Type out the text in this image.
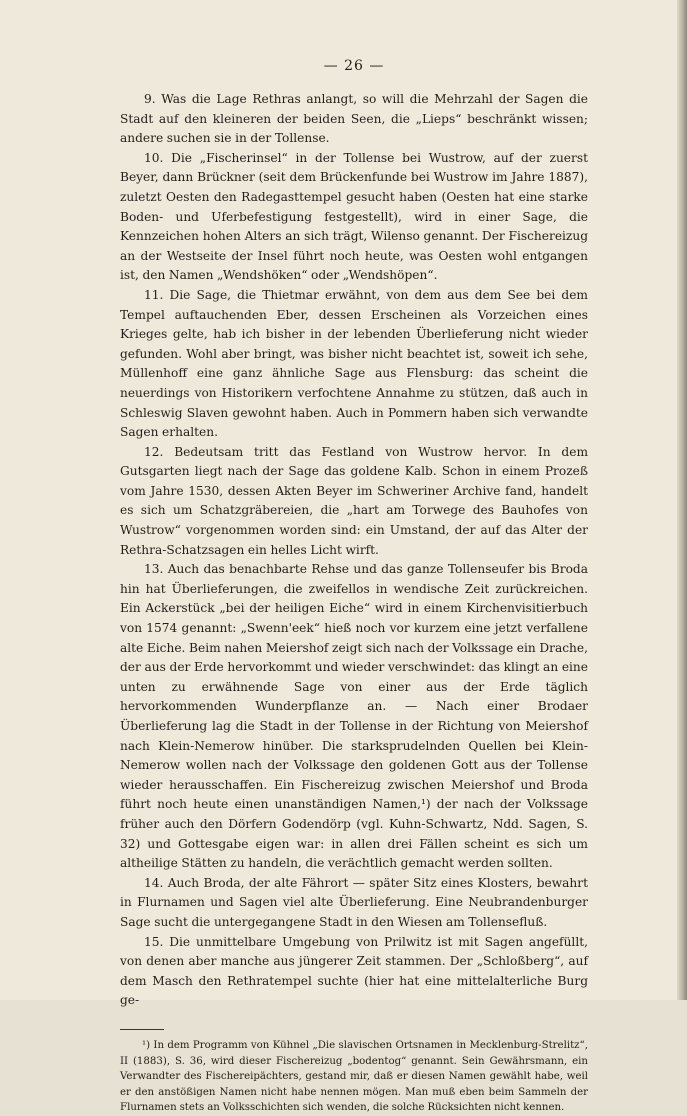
— 26 —

9. Was die Lage Rethras anlangt, so will die Mehrzahl der Sagen die Stadt auf den kleineren der beiden Seen, die „Lieps“ beschränkt wissen; andere suchen sie in der Tollense.

10. Die „Fischerinsel“ in der Tollense bei Wustrow, auf der zuerst Beyer, dann Brückner (seit dem Brückenfunde bei Wustrow im Jahre 1887), zuletzt Oesten den Radegasttempel gesucht haben (Oesten hat eine starke Boden- und Uferbefestigung festgestellt), wird in einer Sage, die Kennzeichen hohen Alters an sich trägt, Wilenso genannt. Der Fischereizug an der Westseite der Insel führt noch heute, was Oesten wohl entgangen ist, den Namen „Wendshöken“ oder „Wendshöpen“.

11. Die Sage, die Thietmar erwähnt, von dem aus dem See bei dem Tempel auftauchenden Eber, dessen Erscheinen als Vorzeichen eines Krieges gelte, hab ich bisher in der lebenden Überlieferung nicht wieder gefunden. Wohl aber bringt, was bisher nicht beachtet ist, soweit ich sehe, Müllenhoff eine ganz ähnliche Sage aus Flensburg: das scheint die neuerdings von Historikern verfochtene Annahme zu stützen, daß auch in Schleswig Slaven gewohnt haben. Auch in Pommern haben sich verwandte Sagen erhalten.

12. Bedeutsam tritt das Festland von Wustrow hervor. In dem Gutsgarten liegt nach der Sage das goldene Kalb. Schon in einem Prozeß vom Jahre 1530, dessen Akten Beyer im Schweriner Archive fand, handelt es sich um Schatzgräbereien, die „hart am Torwege des Bauhofes von Wustrow“ vorgenommen worden sind: ein Umstand, der auf das Alter der Rethra-Schatzsagen ein helles Licht wirft.

13. Auch das benachbarte Rehse und das ganze Tollenseufer bis Broda hin hat Überlieferungen, die zweifellos in wendische Zeit zurückreichen. Ein Ackerstück „bei der heiligen Eiche“ wird in einem Kirchenvisitierbuch von 1574 genannt: „Swenn'eek“ hieß noch vor kurzem eine jetzt verfallene alte Eiche. Beim nahen Meiershof zeigt sich nach der Volkssage ein Drache, der aus der Erde hervorkommt und wieder verschwindet: das klingt an eine unten zu erwähnende Sage von einer aus der Erde täglich hervorkommenden Wunderpflanze an. — Nach einer Brodaer Überlieferung lag die Stadt in der Tollense in der Richtung von Meiershof nach Klein-Nemerow hinüber. Die starksprudelnden Quellen bei Klein-Nemerow wollen nach der Volkssage den goldenen Gott aus der Tollense wieder herausschaffen. Ein Fischereizug zwischen Meiershof und Broda führt noch heute einen unanständigen Namen,¹) der nach der Volkssage früher auch den Dörfern Godendörp (vgl. Kuhn-Schwartz, Ndd. Sagen, S. 32) und Gottesgabe eigen war: in allen drei Fällen scheint es sich um altheilige Stätten zu handeln, die verächtlich gemacht werden sollten.

14. Auch Broda, der alte Fährort — später Sitz eines Klosters, bewahrt in Flurnamen und Sagen viel alte Überlieferung. Eine Neubrandenburger Sage sucht die untergegangene Stadt in den Wiesen am Tollensefluß.

15. Die unmittelbare Umgebung von Prilwitz ist mit Sagen angefüllt, von denen aber manche aus jüngerer Zeit stammen. Der „Schloßberg“, auf dem Masch den Rethratempel suchte (hier hat eine mittelalterliche Burg ge-

¹) In dem Programm von Kühnel „Die slavischen Ortsnamen in Mecklenburg-Strelitz“, II (1883), S. 36, wird dieser Fischereizug „bodentog“ genannt. Sein Gewährsmann, ein Verwandter des Fischereipächters, gestand mir, daß er diesen Namen gewählt habe, weil er den anstößigen Namen nicht habe nennen mögen. Man muß eben beim Sammeln der Flurnamen stets an Volksschichten sich wenden, die solche Rücksichten nicht kennen.
